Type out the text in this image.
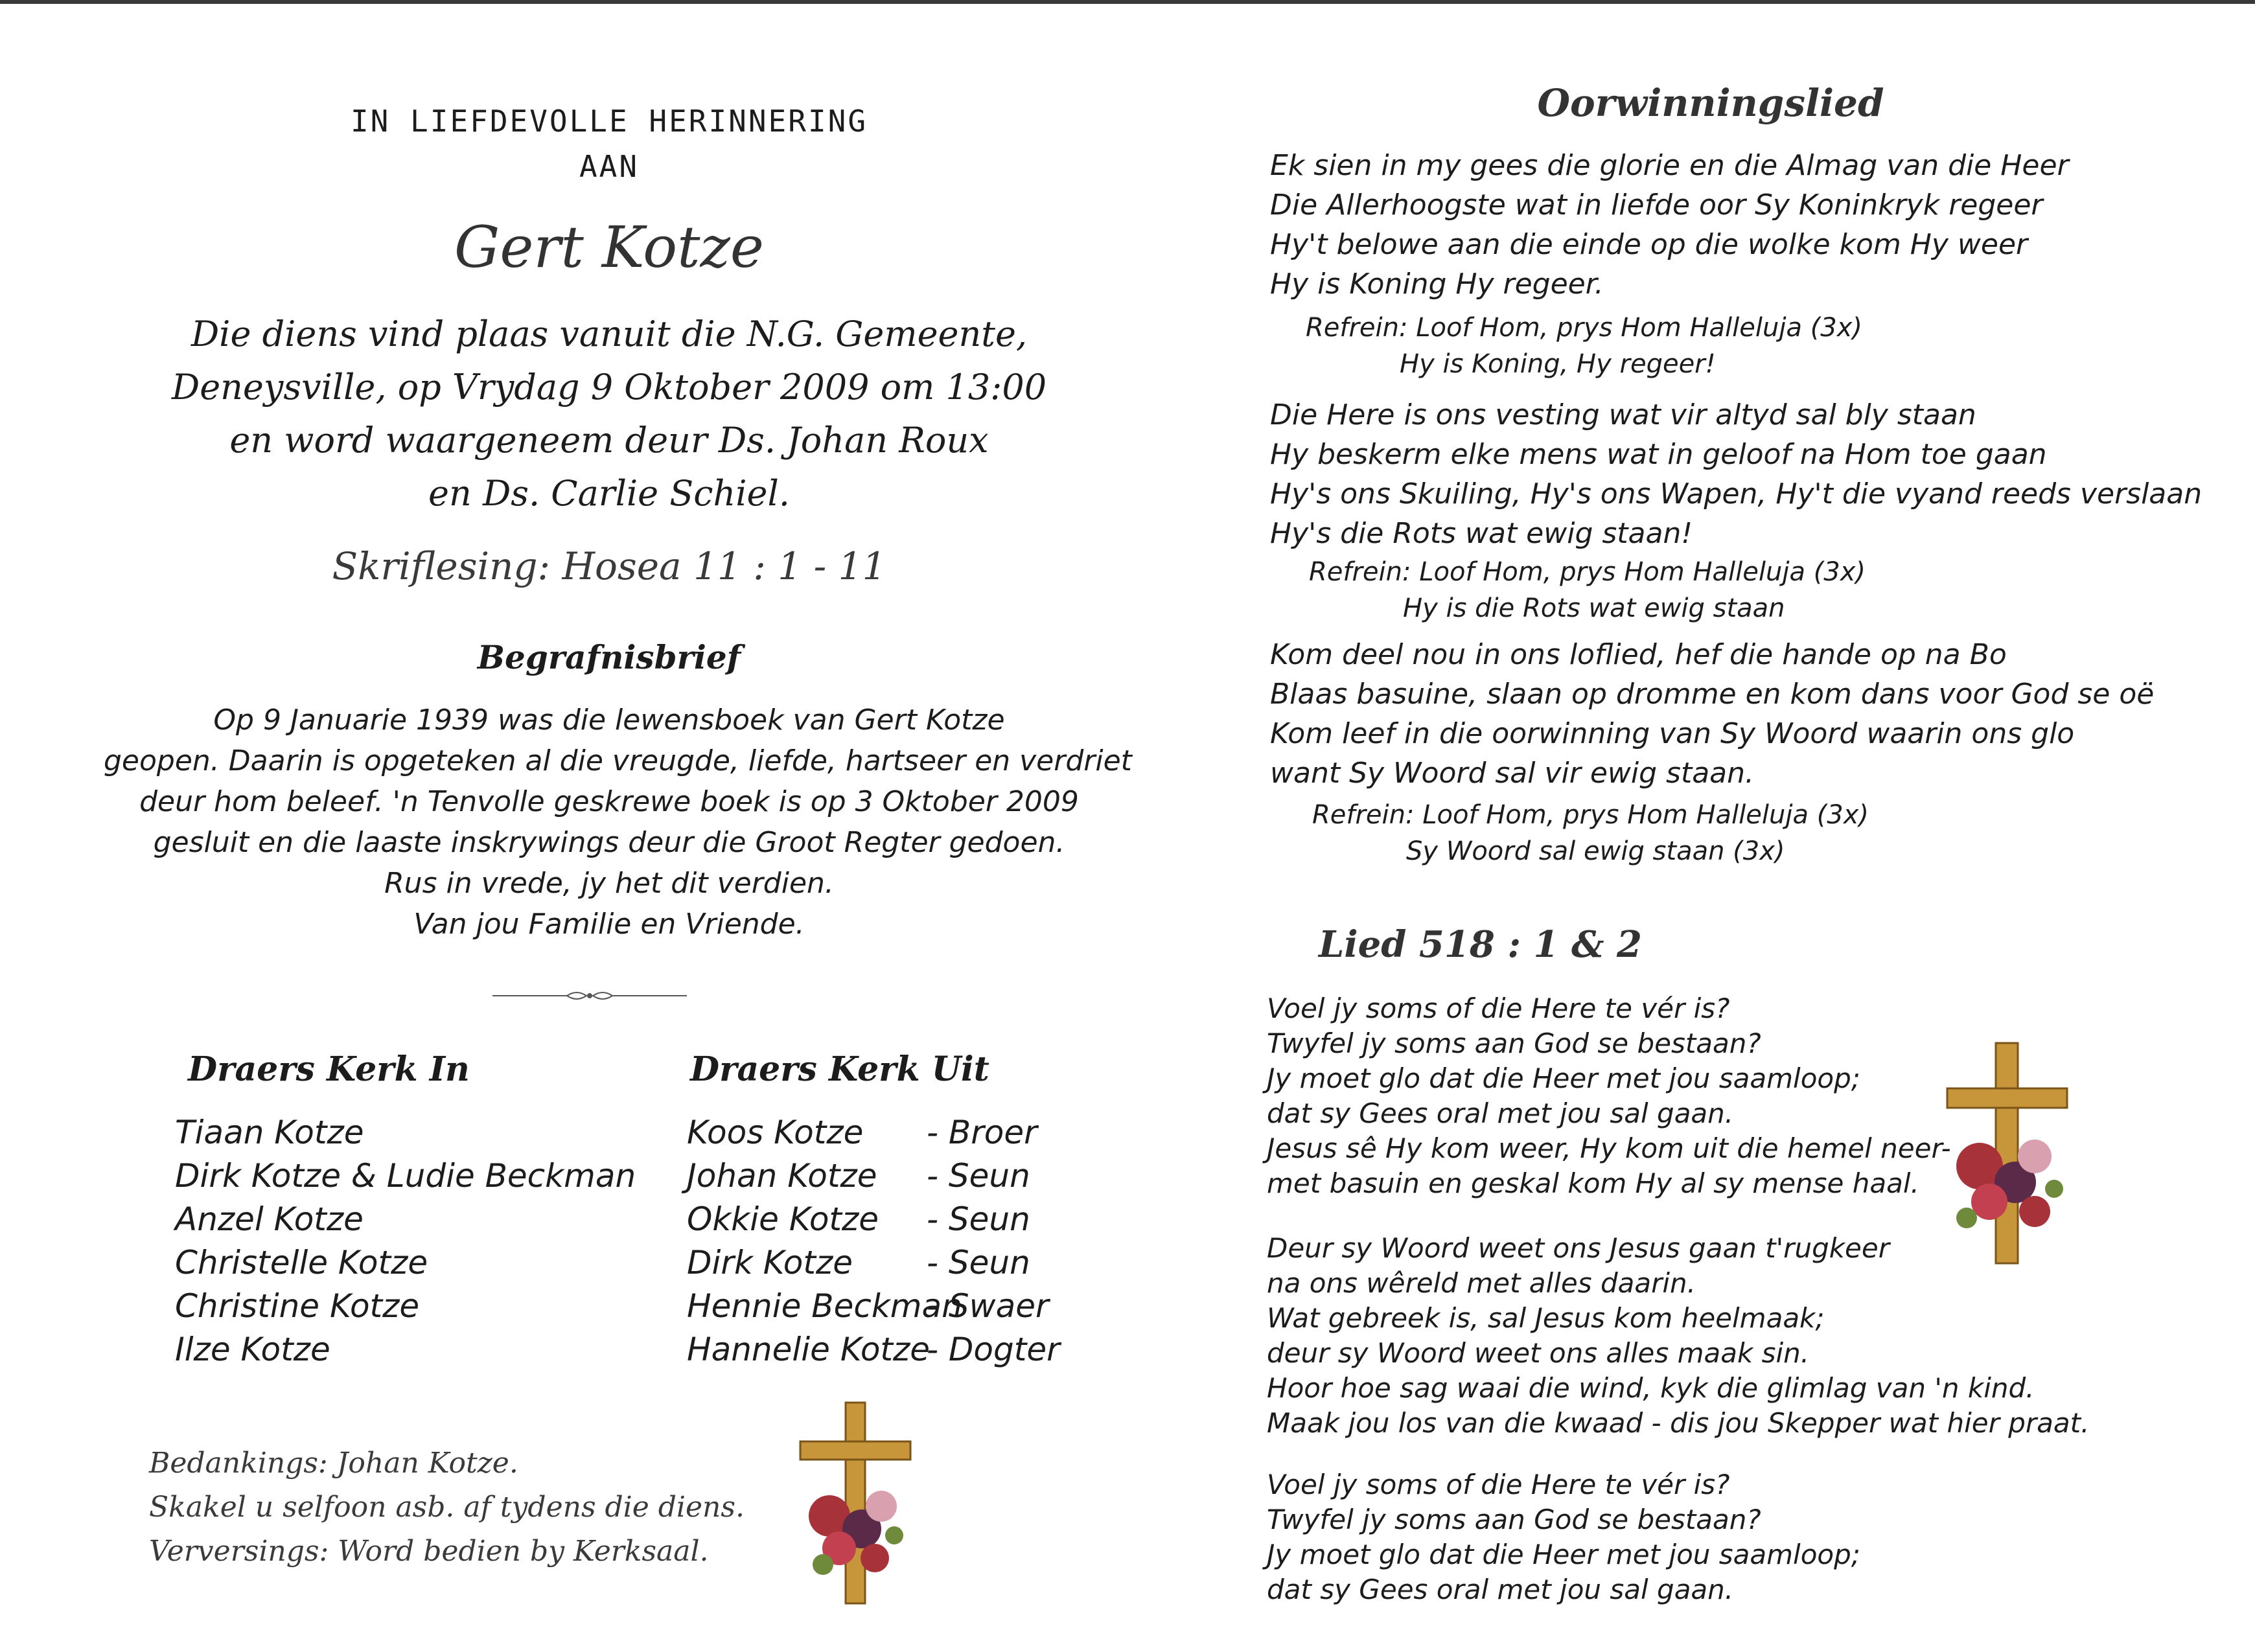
IN LIEFDEVOLLE HERINNERING
AAN
Gert Kotze
Die diens vind plaas vanuit die N.G. Gemeente,
Deneysville, op Vrydag 9 Oktober 2009 om 13:00
en word waargeneem deur Ds. Johan Roux
en Ds. Carlie Schiel.
Skriflesing: Hosea 11 : 1 - 11
Begrafnisbrief
Op 9 Januarie 1939 was die lewensboek van Gert Kotze
geopen. Daarin is opgeteken al die vreugde, liefde, hartseer en verdriet
deur hom beleef. 'n Tenvolle geskrewe boek is op 3 Oktober 2009
gesluit en die laaste inskrywings deur die Groot Regter gedoen.
Rus in vrede, jy het dit verdien.
Van jou Familie en Vriende.
Draers Kerk In	Draers Kerk Uit
Tiaan Kotze
Dirk Kotze & Ludie Beckman
Anzel Kotze
Christelle Kotze
Christine Kotze
Ilze Kotze
Koos Kotze - Broer
Johan Kotze - Seun
Okkie Kotze - Seun
Dirk Kotze - Seun
Hennie Beckman- Swaer
Hannelie Kotze- Dogter
Bedankings: Johan Kotze.
Skakel u selfoon asb. af tydens die diens.
Verversings: Word bedien by Kerksaal.
Oorwinningslied
Ek sien in my gees die glorie en die Almag van die Heer
Die Allerhoogste wat in liefde oor Sy Koninkryk regeer
Hy't belowe aan die einde op die wolke kom Hy weer
Hy is Koning Hy regeer.
Refrein: Loof Hom, prys Hom Halleluja (3x)
Hy is Koning, Hy regeer!
Die Here is ons vesting wat vir altyd sal bly staan
Hy beskerm elke mens wat in geloof na Hom toe gaan
Hy's ons Skuiling, Hy's ons Wapen, Hy't die vyand reeds verslaan
Hy's die Rots wat ewig staan!
Refrein: Loof Hom, prys Hom Halleluja (3x)
Hy is die Rots wat ewig staan
Kom deel nou in ons loflied, hef die hande op na Bo
Blaas basuine, slaan op dromme en kom dans voor God se oë
Kom leef in die oorwinning van Sy Woord waarin ons glo
want Sy Woord sal vir ewig staan.
Refrein: Loof Hom, prys Hom Halleluja (3x)
Sy Woord sal ewig staan (3x)
Lied 518 : 1 & 2
Voel jy soms of die Here te vér is?
Twyfel jy soms aan God se bestaan?
Jy moet glo dat die Heer met jou saamloop;
dat sy Gees oral met jou sal gaan.
Jesus sê Hy kom weer, Hy kom uit die hemel neer-
met basuin en geskal kom Hy al sy mense haal.
Deur sy Woord weet ons Jesus gaan t'rugkeer
na ons wêreld met alles daarin.
Wat gebreek is, sal Jesus kom heelmaak;
deur sy Woord weet ons alles maak sin.
Hoor hoe sag waai die wind, kyk die glimlag van 'n kind.
Maak jou los van die kwaad - dis jou Skepper wat hier praat.
Voel jy soms of die Here te vér is?
Twyfel jy soms aan God se bestaan?
Jy moet glo dat die Heer met jou saamloop;
dat sy Gees oral met jou sal gaan.
